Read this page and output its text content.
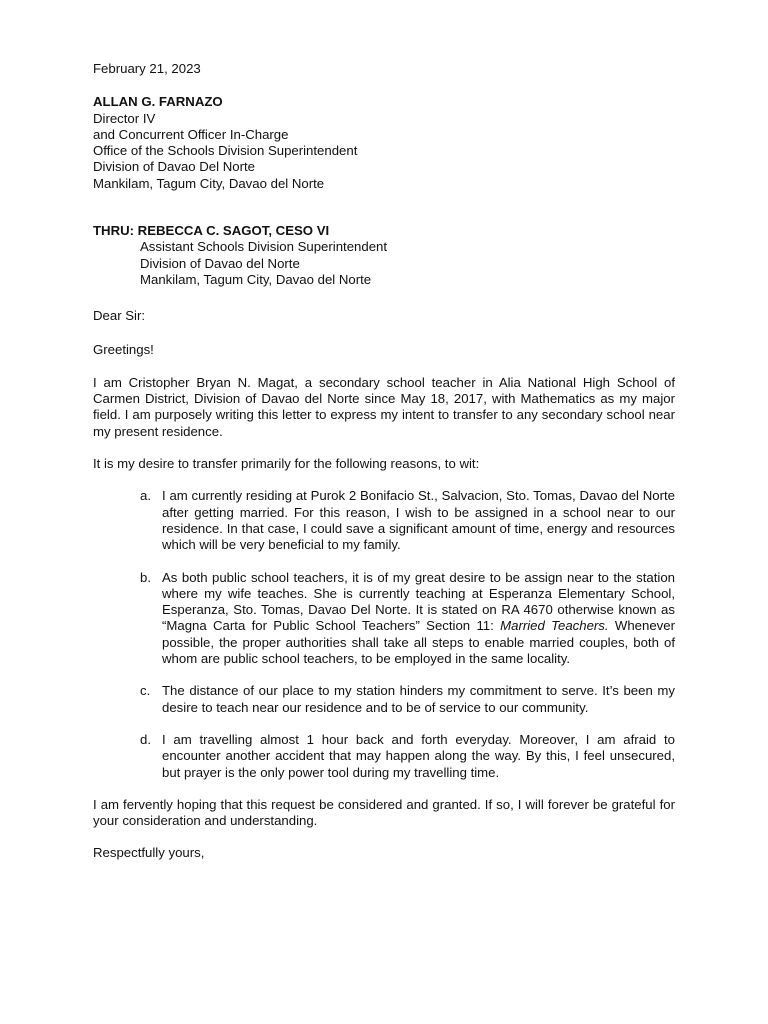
February 21, 2023

ALLAN G. FARNAZO
Director IV
and Concurrent Officer In-Charge
Office of the Schools Division Superintendent
Division of Davao Del Norte
Mankilam, Tagum City, Davao del Norte
THRU: REBECCA C. SAGOT, CESO VI
Assistant Schools Division Superintendent
Division of Davao del Norte
Mankilam, Tagum City, Davao del Norte

Dear Sir:

Greetings!

I am Cristopher Bryan N. Magat, a secondary school teacher in Alia National High School of Carmen District, Division of Davao del Norte since May 18, 2017, with Mathematics as my major field. I am purposely writing this letter to express my intent to transfer to any secondary school near my present residence.

It is my desire to transfer primarily for the following reasons, to wit:

a. I am currently residing at Purok 2 Bonifacio St., Salvacion, Sto. Tomas, Davao del Norte after getting married. For this reason, I wish to be assigned in a school near to our residence. In that case, I could save a significant amount of time, energy and resources which will be very beneficial to my family.
b. As both public school teachers, it is of my great desire to be assign near to the station where my wife teaches. She is currently teaching at Esperanza Elementary School, Esperanza, Sto. Tomas, Davao Del Norte. It is stated on RA 4670 otherwise known as “Magna Carta for Public School Teachers” Section 11: Married Teachers. Whenever possible, the proper authorities shall take all steps to enable married couples, both of whom are public school teachers, to be employed in the same locality.
c. The distance of our place to my station hinders my commitment to serve. It’s been my desire to teach near our residence and to be of service to our community.
d. I am travelling almost 1 hour back and forth everyday. Moreover, I am afraid to encounter another accident that may happen along the way. By this, I feel unsecured, but prayer is the only power tool during my travelling time.

I am fervently hoping that this request be considered and granted. If so, I will forever be grateful for your consideration and understanding.

Respectfully yours,
